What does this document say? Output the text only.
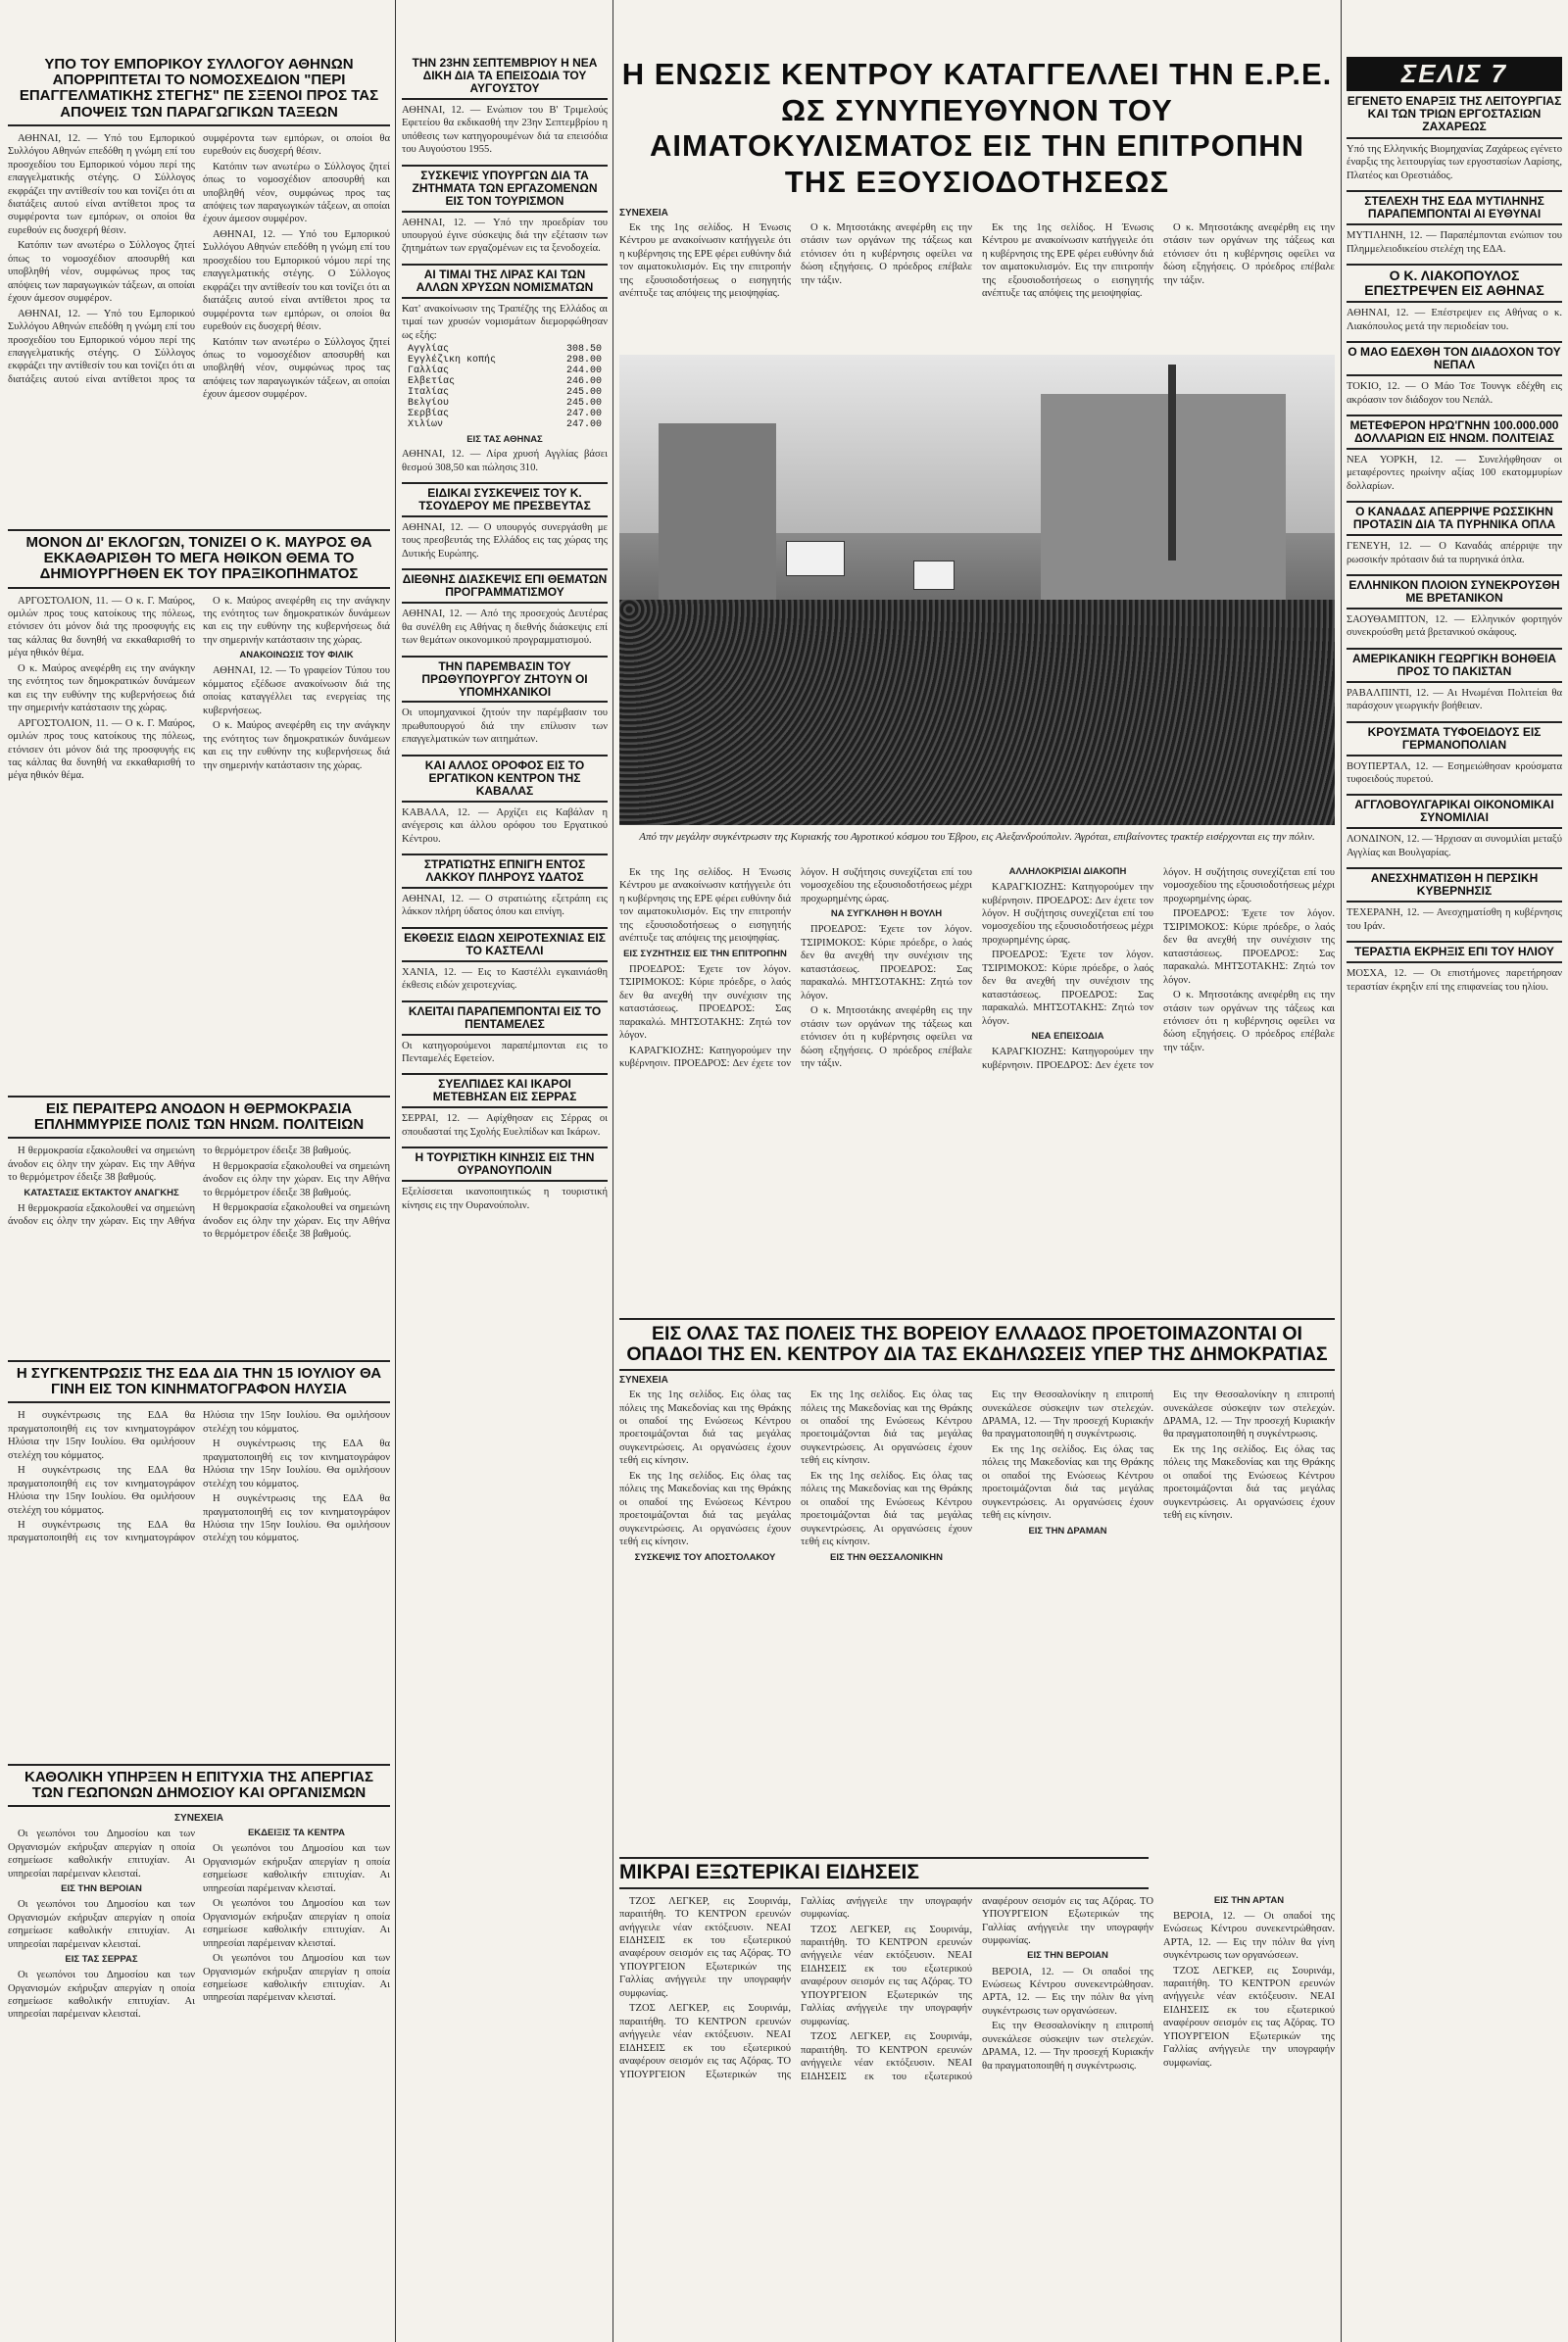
ΥΠΟ ΤΟΥ ΕΜΠΟΡΙΚΟΥ ΣΥΛΛΟΓΟΥ ΑΘΗΝΩΝ ΑΠΟΡΡΙΠΤΕΤΑΙ ΤΟ ΝΟΜΟΣΧΕΔΙΟΝ "ΠΕΡΙ ΕΠΑΓΓΕΛΜΑΤΙΚΗΣ ΣΤΕΓΗΣ" ΠΕ ΣΞΕΝΟΙ ΠΡΟΣ ΤΑΣ ΑΠΟΨΕΙΣ ΤΩΝ ΠΑΡΑΓΩΓΙΚΩΝ ΤΑΞΕΩΝ

ΑΘΗΝΑΙ, 12. — Υπό του Εμπορικού Συλλόγου Αθηνών επεδόθη η γνώμη επί του προσχεδίου του Εμπορικού νόμου περί της επαγγελματικής στέγης. Ο Σύλλογος εκφράζει την αντίθεσίν του και τονίζει ότι αι διατάξεις αυτού είναι αντίθετοι προς τα συμφέροντα των εμπόρων, οι οποίοι θα ευρεθούν εις δυσχερή θέσιν.

Κατόπιν των ανωτέρω ο Σύλλογος ζητεί όπως το νομοσχέδιον αποσυρθή και υποβληθή νέον, συμφώνως προς τας απόψεις των παραγωγικών τάξεων, αι οποίαι έχουν άμεσον συμφέρον.

ΑΘΗΝΑΙ, 12. — Υπό του Εμπορικού Συλλόγου Αθηνών επεδόθη η γνώμη επί του προσχεδίου του Εμπορικού νόμου περί της επαγγελματικής στέγης. Ο Σύλλογος εκφράζει την αντίθεσίν του και τονίζει ότι αι διατάξεις αυτού είναι αντίθετοι προς τα συμφέροντα των εμπόρων, οι οποίοι θα ευρεθούν εις δυσχερή θέσιν.

Κατόπιν των ανωτέρω ο Σύλλογος ζητεί όπως το νομοσχέδιον αποσυρθή και υποβληθή νέον, συμφώνως προς τας απόψεις των παραγωγικών τάξεων, αι οποίαι έχουν άμεσον συμφέρον.

ΑΘΗΝΑΙ, 12. — Υπό του Εμπορικού Συλλόγου Αθηνών επεδόθη η γνώμη επί του προσχεδίου του Εμπορικού νόμου περί της επαγγελματικής στέγης. Ο Σύλλογος εκφράζει την αντίθεσίν του και τονίζει ότι αι διατάξεις αυτού είναι αντίθετοι προς τα συμφέροντα των εμπόρων, οι οποίοι θα ευρεθούν εις δυσχερή θέσιν.

Κατόπιν των ανωτέρω ο Σύλλογος ζητεί όπως το νομοσχέδιον αποσυρθή και υποβληθή νέον, συμφώνως προς τας απόψεις των παραγωγικών τάξεων, αι οποίαι έχουν άμεσον συμφέρον.

ΜΟΝΟΝ ΔΙ' ΕΚΛΟΓΩΝ, ΤΟΝΙΖΕΙ Ο Κ. ΜΑΥΡΟΣ ΘΑ ΕΚΚΑΘΑΡΙΣΘΗ ΤΟ ΜΕΓΑ ΗΘΙΚΟΝ ΘΕΜΑ ΤΟ ΔΗΜΙΟΥΡΓΗΘΕΝ ΕΚ ΤΟΥ ΠΡΑΞΙΚΟΠΗΜΑΤΟΣ

ΑΡΓΟΣΤΟΛΙΟΝ, 11. — Ο κ. Γ. Μαύρος, ομιλών προς τους κατοίκους της πόλεως, ετόνισεν ότι μόνον διά της προσφυγής εις τας κάλπας θα δυνηθή να εκκαθαρισθή το μέγα ηθικόν θέμα.

Ο κ. Μαύρος ανεφέρθη εις την ανάγκην της ενότητος των δημοκρατικών δυνάμεων και εις την ευθύνην της κυβερνήσεως διά την σημερινήν κατάστασιν της χώρας.

ΑΡΓΟΣΤΟΛΙΟΝ, 11. — Ο κ. Γ. Μαύρος, ομιλών προς τους κατοίκους της πόλεως, ετόνισεν ότι μόνον διά της προσφυγής εις τας κάλπας θα δυνηθή να εκκαθαρισθή το μέγα ηθικόν θέμα.

Ο κ. Μαύρος ανεφέρθη εις την ανάγκην της ενότητος των δημοκρατικών δυνάμεων και εις την ευθύνην της κυβερνήσεως διά την σημερινήν κατάστασιν της χώρας.

ΑΝΑΚΟΙΝΩΣΙΣ ΤΟΥ ΦΙΛΙΚ

ΑΘΗΝΑΙ, 12. — Το γραφείον Τύπου του κόμματος εξέδωσε ανακοίνωσιν διά της οποίας καταγγέλλει τας ενεργείας της κυβερνήσεως.

Ο κ. Μαύρος ανεφέρθη εις την ανάγκην της ενότητος των δημοκρατικών δυνάμεων και εις την ευθύνην της κυβερνήσεως διά την σημερινήν κατάστασιν της χώρας.

ΕΙΣ ΠΕΡΑΙΤΕΡΩ ΑΝΟΔΟΝ Η ΘΕΡΜΟΚΡΑΣΙΑ ΕΠΛΗΜΜΥΡΙΣΕ ΠΟΛΙΣ ΤΩΝ ΗΝΩΜ. ΠΟΛΙΤΕΙΩΝ

Η θερμοκρασία εξακολουθεί να σημειώνη άνοδον εις όλην την χώραν. Εις την Αθήνα το θερμόμετρον έδειξε 38 βαθμούς.

ΚΑΤΑΣΤΑΣΙΣ ΕΚΤΑΚΤΟΥ ΑΝΑΓΚΗΣ

Η θερμοκρασία εξακολουθεί να σημειώνη άνοδον εις όλην την χώραν. Εις την Αθήνα το θερμόμετρον έδειξε 38 βαθμούς.

Η θερμοκρασία εξακολουθεί να σημειώνη άνοδον εις όλην την χώραν. Εις την Αθήνα το θερμόμετρον έδειξε 38 βαθμούς.

Η θερμοκρασία εξακολουθεί να σημειώνη άνοδον εις όλην την χώραν. Εις την Αθήνα το θερμόμετρον έδειξε 38 βαθμούς.

Η ΣΥΓΚΕΝΤΡΩΣΙΣ ΤΗΣ ΕΔΑ ΔΙΑ ΤΗΝ 15 ΙΟΥΛΙΟΥ ΘΑ ΓΙΝΗ ΕΙΣ ΤΟΝ ΚΙΝΗΜΑΤΟΓΡΑΦΟΝ ΗΛΥΣΙΑ

Η συγκέντρωσις της ΕΔΑ θα πραγματοποιηθή εις τον κινηματογράφον Ηλύσια την 15ην Ιουλίου. Θα ομιλήσουν στελέχη του κόμματος.

Η συγκέντρωσις της ΕΔΑ θα πραγματοποιηθή εις τον κινηματογράφον Ηλύσια την 15ην Ιουλίου. Θα ομιλήσουν στελέχη του κόμματος.

Η συγκέντρωσις της ΕΔΑ θα πραγματοποιηθή εις τον κινηματογράφον Ηλύσια την 15ην Ιουλίου. Θα ομιλήσουν στελέχη του κόμματος.

Η συγκέντρωσις της ΕΔΑ θα πραγματοποιηθή εις τον κινηματογράφον Ηλύσια την 15ην Ιουλίου. Θα ομιλήσουν στελέχη του κόμματος.

Η συγκέντρωσις της ΕΔΑ θα πραγματοποιηθή εις τον κινηματογράφον Ηλύσια την 15ην Ιουλίου. Θα ομιλήσουν στελέχη του κόμματος.

ΚΑΘΟΛΙΚΗ ΥΠΗΡΞΕΝ Η ΕΠΙΤΥΧΙΑ ΤΗΣ ΑΠΕΡΓΙΑΣ ΤΩΝ ΓΕΩΠΟΝΩΝ ΔΗΜΟΣΙΟΥ ΚΑΙ ΟΡΓΑΝΙΣΜΩΝ
ΣΥΝΕΧΕΙΑ

Οι γεωπόνοι του Δημοσίου και των Οργανισμών εκήρυξαν απεργίαν η οποία εσημείωσε καθολικήν επιτυχίαν. Αι υπηρεσίαι παρέμειναν κλεισταί.

ΕΙΣ ΤΗΝ ΒΕΡΟΙΑΝ

Οι γεωπόνοι του Δημοσίου και των Οργανισμών εκήρυξαν απεργίαν η οποία εσημείωσε καθολικήν επιτυχίαν. Αι υπηρεσίαι παρέμειναν κλεισταί.

ΕΙΣ ΤΑΣ ΣΕΡΡΑΣ

Οι γεωπόνοι του Δημοσίου και των Οργανισμών εκήρυξαν απεργίαν η οποία εσημείωσε καθολικήν επιτυχίαν. Αι υπηρεσίαι παρέμειναν κλεισταί.

ΕΚΔΕΙΞΙΣ ΤΑ ΚΕΝΤΡΑ

Οι γεωπόνοι του Δημοσίου και των Οργανισμών εκήρυξαν απεργίαν η οποία εσημείωσε καθολικήν επιτυχίαν. Αι υπηρεσίαι παρέμειναν κλεισταί.

Οι γεωπόνοι του Δημοσίου και των Οργανισμών εκήρυξαν απεργίαν η οποία εσημείωσε καθολικήν επιτυχίαν. Αι υπηρεσίαι παρέμειναν κλεισταί.

Οι γεωπόνοι του Δημοσίου και των Οργανισμών εκήρυξαν απεργίαν η οποία εσημείωσε καθολικήν επιτυχίαν. Αι υπηρεσίαι παρέμειναν κλεισταί.

ΤΗΝ 23ΗΝ ΣΕΠΤΕΜΒΡΙΟΥ Η ΝΕΑ ΔΙΚΗ ΔΙΑ ΤΑ ΕΠΕΙΣΟΔΙΑ ΤΟΥ ΑΥΓΟΥΣΤΟΥ
ΑΘΗΝΑΙ, 12. — Ενώπιον του Β' Τριμελούς Εφετείου θα εκδικασθή την 23ην Σεπτεμβρίου η υπόθεσις των κατηγορουμένων διά τα επεισόδια του Αυγούστου 1955.
ΣΥΣΚΕΨΙΣ ΥΠΟΥΡΓΩΝ ΔΙΑ ΤΑ ΖΗΤΗΜΑΤΑ ΤΩΝ ΕΡΓΑΖΟΜΕΝΩΝ ΕΙΣ ΤΟΝ ΤΟΥΡΙΣΜΟΝ
ΑΘΗΝΑΙ, 12. — Υπό την προεδρίαν του υπουργού έγινε σύσκεψις διά την εξέτασιν των ζητημάτων των εργαζομένων εις τα ξενοδοχεία.
ΑΙ ΤΙΜΑΙ ΤΗΣ ΛΙΡΑΣ ΚΑΙ ΤΩΝ ΑΛΛΩΝ ΧΡΥΣΩΝ ΝΟΜΙΣΜΑΤΩΝ
Κατ' ανακοίνωσιν της Τραπέζης της Ελλάδος αι τιμαί των χρυσών νομισμάτων διεμορφώθησαν ως εξής:
Αγγλίας	308.50
Εγγλέζικη κοπής	298.00
Γαλλίας	244.00
Ελβετίας	246.00
Ιταλίας	245.00
Βελγίου	245.00
Σερβίας	247.00
Χιλίων	247.00
ΕΙΣ ΤΑΣ ΑΘΗΝΑΣ
ΑΘΗΝΑΙ, 12. — Λίρα χρυσή Αγγλίας βάσει θεσμού 308,50 και πώλησις 310.
ΕΙΔΙΚΑΙ ΣΥΣΚΕΨΕΙΣ ΤΟΥ Κ. ΤΣΟΥΔΕΡΟΥ ΜΕ ΠΡΕΣΒΕΥΤΑΣ
ΑΘΗΝΑΙ, 12. — Ο υπουργός συνεργάσθη με τους πρεσβευτάς της Ελλάδος εις τας χώρας της Δυτικής Ευρώπης.
ΔΙΕΘΝΗΣ ΔΙΑΣΚΕΨΙΣ ΕΠΙ ΘΕΜΑΤΩΝ ΠΡΟΓΡΑΜΜΑΤΙΣΜΟΥ
ΑΘΗΝΑΙ, 12. — Από της προσεχούς Δευτέρας θα συνέλθη εις Αθήνας η διεθνής διάσκεψις επί των θεμάτων οικονομικού προγραμματισμού.
ΤΗΝ ΠΑΡΕΜΒΑΣΙΝ ΤΟΥ ΠΡΩΘΥΠΟΥΡΓΟΥ ΖΗΤΟΥΝ ΟΙ ΥΠΟΜΗΧΑΝΙΚΟΙ
Οι υπομηχανικοί ζητούν την παρέμβασιν του πρωθυπουργού διά την επίλυσιν των επαγγελματικών των αιτημάτων.
ΚΑΙ ΑΛΛΟΣ ΟΡΟΦΟΣ ΕΙΣ ΤΟ ΕΡΓΑΤΙΚΟΝ ΚΕΝΤΡΟΝ ΤΗΣ ΚΑΒΑΛΑΣ
ΚΑΒΑΛΑ, 12. — Αρχίζει εις Καβάλαν η ανέγερσις και άλλου ορόφου του Εργατικού Κέντρου.
ΣΤΡΑΤΙΩΤΗΣ ΕΠΝΙΓΗ ΕΝΤΟΣ ΛΑΚΚΟΥ ΠΛΗΡΟΥΣ ΥΔΑΤΟΣ
ΑΘΗΝΑΙ, 12. — Ο στρατιώτης εξετράπη εις λάκκον πλήρη ύδατος όπου και επνίγη.
ΕΚΘΕΣΙΣ ΕΙΔΩΝ ΧΕΙΡΟΤΕΧΝΙΑΣ ΕΙΣ ΤΟ ΚΑΣΤΕΛΛΙ
ΧΑΝΙΑ, 12. — Εις το Καστέλλι εγκαινιάσθη έκθεσις ειδών χειροτεχνίας.
ΚΛΕΙΤΑΙ ΠΑΡΑΠΕΜΠΟΝΤΑΙ ΕΙΣ ΤΟ ΠΕΝΤΑΜΕΛΕΣ
Οι κατηγορούμενοι παραπέμπονται εις το Πενταμελές Εφετείον.
ΣΥΕΛΠΙΔΕΣ ΚΑΙ ΙΚΑΡΟΙ ΜΕΤΕΒΗΣΑΝ ΕΙΣ ΣΕΡΡΑΣ
ΣΕΡΡΑΙ, 12. — Αφίχθησαν εις Σέρρας οι σπουδασταί της Σχολής Ευελπίδων και Ικάρων.
Η ΤΟΥΡΙΣΤΙΚΗ ΚΙΝΗΣΙΣ ΕΙΣ ΤΗΝ ΟΥΡΑΝΟΥΠΟΛΙΝ
Εξελίσσεται ικανοποιητικώς η τουριστική κίνησις εις την Ουρανούπολιν.
Η ΕΝΩΣΙΣ ΚΕΝΤΡΟΥ ΚΑΤΑΓΓΕΛΛΕΙ ΤΗΝ Ε.Ρ.Ε. ΩΣ ΣΥΝΥΠΕΥΘΥΝΟΝ ΤΟΥ ΑΙΜΑΤΟΚΥΛΙΣΜΑΤΟΣ ΕΙΣ ΤΗΝ ΕΠΙΤΡΟΠΗΝ ΤΗΣ ΕΞΟΥΣΙΟΔΟΤΗΣΕΩΣ
ΣΥΝΕΧΕΙΑ

Εκ της 1ης σελίδος. Η Ένωσις Κέντρου με ανακοίνωσιν κατήγγειλε ότι η κυβέρνησις της ΕΡΕ φέρει ευθύνην διά τον αιματοκυλισμόν. Εις την επιτροπήν της εξουσιοδοτήσεως ο εισηγητής ανέπτυξε τας απόψεις της μειοψηφίας.

Ο κ. Μητσοτάκης ανεφέρθη εις την στάσιν των οργάνων της τάξεως και ετόνισεν ότι η κυβέρνησις οφείλει να δώση εξηγήσεις. Ο πρόεδρος επέβαλε την τάξιν.

Εκ της 1ης σελίδος. Η Ένωσις Κέντρου με ανακοίνωσιν κατήγγειλε ότι η κυβέρνησις της ΕΡΕ φέρει ευθύνην διά τον αιματοκυλισμόν. Εις την επιτροπήν της εξουσιοδοτήσεως ο εισηγητής ανέπτυξε τας απόψεις της μειοψηφίας.

Ο κ. Μητσοτάκης ανεφέρθη εις την στάσιν των οργάνων της τάξεως και ετόνισεν ότι η κυβέρνησις οφείλει να δώση εξηγήσεις. Ο πρόεδρος επέβαλε την τάξιν.

Από την μεγάλην συγκέντρωσιν της Κυριακής του Αγροτικού κόσμου του Έβρου, εις Αλεξανδρούπολιν. Άγρόται, επιβαίνοντες τρακτέρ εισέρχονται εις την πόλιν.

Εκ της 1ης σελίδος. Η Ένωσις Κέντρου με ανακοίνωσιν κατήγγειλε ότι η κυβέρνησις της ΕΡΕ φέρει ευθύνην διά τον αιματοκυλισμόν. Εις την επιτροπήν της εξουσιοδοτήσεως ο εισηγητής ανέπτυξε τας απόψεις της μειοψηφίας.

ΕΙΣ ΣΥΖΗΤΗΣΙΣ ΕΙΣ ΤΗΝ ΕΠΙΤΡΟΠΗΝ

ΠΡΟΕΔΡΟΣ: Έχετε τον λόγον. ΤΣΙΡΙΜΟΚΟΣ: Κύριε πρόεδρε, ο λαός δεν θα ανεχθή την συνέχισιν της καταστάσεως. ΠΡΟΕΔΡΟΣ: Σας παρακαλώ. ΜΗΤΣΟΤΑΚΗΣ: Ζητώ τον λόγον.

ΚΑΡΑΓΚΙΟΖΗΣ: Κατηγορούμεν την κυβέρνησιν. ΠΡΟΕΔΡΟΣ: Δεν έχετε τον λόγον. Η συζήτησις συνεχίζεται επί του νομοσχεδίου της εξουσιοδοτήσεως μέχρι προχωρημένης ώρας.

ΝΑ ΣΥΓΚΛΗΘΗ Η ΒΟΥΛΗ

ΠΡΟΕΔΡΟΣ: Έχετε τον λόγον. ΤΣΙΡΙΜΟΚΟΣ: Κύριε πρόεδρε, ο λαός δεν θα ανεχθή την συνέχισιν της καταστάσεως. ΠΡΟΕΔΡΟΣ: Σας παρακαλώ. ΜΗΤΣΟΤΑΚΗΣ: Ζητώ τον λόγον.

Ο κ. Μητσοτάκης ανεφέρθη εις την στάσιν των οργάνων της τάξεως και ετόνισεν ότι η κυβέρνησις οφείλει να δώση εξηγήσεις. Ο πρόεδρος επέβαλε την τάξιν.

ΑΛΛΗΛΟΚΡΙΣΙΑΙ ΔΙΑΚΟΠΗ

ΚΑΡΑΓΚΙΟΖΗΣ: Κατηγορούμεν την κυβέρνησιν. ΠΡΟΕΔΡΟΣ: Δεν έχετε τον λόγον. Η συζήτησις συνεχίζεται επί του νομοσχεδίου της εξουσιοδοτήσεως μέχρι προχωρημένης ώρας.

ΠΡΟΕΔΡΟΣ: Έχετε τον λόγον. ΤΣΙΡΙΜΟΚΟΣ: Κύριε πρόεδρε, ο λαός δεν θα ανεχθή την συνέχισιν της καταστάσεως. ΠΡΟΕΔΡΟΣ: Σας παρακαλώ. ΜΗΤΣΟΤΑΚΗΣ: Ζητώ τον λόγον.

ΝΕΑ ΕΠΕΙΣΟΔΙΑ

ΚΑΡΑΓΚΙΟΖΗΣ: Κατηγορούμεν την κυβέρνησιν. ΠΡΟΕΔΡΟΣ: Δεν έχετε τον λόγον. Η συζήτησις συνεχίζεται επί του νομοσχεδίου της εξουσιοδοτήσεως μέχρι προχωρημένης ώρας.

ΠΡΟΕΔΡΟΣ: Έχετε τον λόγον. ΤΣΙΡΙΜΟΚΟΣ: Κύριε πρόεδρε, ο λαός δεν θα ανεχθή την συνέχισιν της καταστάσεως. ΠΡΟΕΔΡΟΣ: Σας παρακαλώ. ΜΗΤΣΟΤΑΚΗΣ: Ζητώ τον λόγον.

Ο κ. Μητσοτάκης ανεφέρθη εις την στάσιν των οργάνων της τάξεως και ετόνισεν ότι η κυβέρνησις οφείλει να δώση εξηγήσεις. Ο πρόεδρος επέβαλε την τάξιν.

ΕΙΣ ΟΛΑΣ ΤΑΣ ΠΟΛΕΙΣ ΤΗΣ ΒΟΡΕΙΟΥ ΕΛΛΑΔΟΣ ΠΡΟΕΤΟΙΜΑΖΟΝΤΑΙ ΟΙ ΟΠΑΔΟΙ ΤΗΣ ΕΝ. ΚΕΝΤΡΟΥ ΔΙΑ ΤΑΣ ΕΚΔΗΛΩΣΕΙΣ ΥΠΕΡ ΤΗΣ ΔΗΜΟΚΡΑΤΙΑΣ
ΣΥΝΕΧΕΙΑ

Εκ της 1ης σελίδος. Εις όλας τας πόλεις της Μακεδονίας και της Θράκης οι οπαδοί της Ενώσεως Κέντρου προετοιμάζονται διά τας μεγάλας συγκεντρώσεις. Αι οργανώσεις έχουν τεθή εις κίνησιν.

Εκ της 1ης σελίδος. Εις όλας τας πόλεις της Μακεδονίας και της Θράκης οι οπαδοί της Ενώσεως Κέντρου προετοιμάζονται διά τας μεγάλας συγκεντρώσεις. Αι οργανώσεις έχουν τεθή εις κίνησιν.

ΣΥΣΚΕΨΙΣ ΤΟΥ ΑΠΟΣΤΟΛΑΚΟΥ

Εκ της 1ης σελίδος. Εις όλας τας πόλεις της Μακεδονίας και της Θράκης οι οπαδοί της Ενώσεως Κέντρου προετοιμάζονται διά τας μεγάλας συγκεντρώσεις. Αι οργανώσεις έχουν τεθή εις κίνησιν.

Εκ της 1ης σελίδος. Εις όλας τας πόλεις της Μακεδονίας και της Θράκης οι οπαδοί της Ενώσεως Κέντρου προετοιμάζονται διά τας μεγάλας συγκεντρώσεις. Αι οργανώσεις έχουν τεθή εις κίνησιν.

ΕΙΣ ΤΗΝ ΘΕΣΣΑΛΟΝΙΚΗΝ

Εις την Θεσσαλονίκην η επιτροπή συνεκάλεσε σύσκεψιν των στελεχών. ΔΡΑΜΑ, 12. — Την προσεχή Κυριακήν θα πραγματοποιηθή η συγκέντρωσις.

Εκ της 1ης σελίδος. Εις όλας τας πόλεις της Μακεδονίας και της Θράκης οι οπαδοί της Ενώσεως Κέντρου προετοιμάζονται διά τας μεγάλας συγκεντρώσεις. Αι οργανώσεις έχουν τεθή εις κίνησιν.

ΕΙΣ ΤΗΝ ΔΡΑΜΑΝ

Εις την Θεσσαλονίκην η επιτροπή συνεκάλεσε σύσκεψιν των στελεχών. ΔΡΑΜΑ, 12. — Την προσεχή Κυριακήν θα πραγματοποιηθή η συγκέντρωσις.

Εκ της 1ης σελίδος. Εις όλας τας πόλεις της Μακεδονίας και της Θράκης οι οπαδοί της Ενώσεως Κέντρου προετοιμάζονται διά τας μεγάλας συγκεντρώσεις. Αι οργανώσεις έχουν τεθή εις κίνησιν.

ΜΙΚΡΑΙ ΕΞΩΤΕΡΙΚΑΙ ΕΙΔΗΣΕΙΣ

ΤΖΟΣ ΛΕΓΚΕΡ, εις Σουρινάμ, παραιτήθη. ΤΟ ΚΕΝΤΡΟΝ ερευνών ανήγγειλε νέαν εκτόξευσιν. ΝΕΑΙ ΕΙΔΗΣΕΙΣ εκ του εξωτερικού αναφέρουν σεισμόν εις τας Αζόρας. ΤΟ ΥΠΟΥΡΓΕΙΟΝ Εξωτερικών της Γαλλίας ανήγγειλε την υπογραφήν συμφωνίας.

ΤΖΟΣ ΛΕΓΚΕΡ, εις Σουρινάμ, παραιτήθη. ΤΟ ΚΕΝΤΡΟΝ ερευνών ανήγγειλε νέαν εκτόξευσιν. ΝΕΑΙ ΕΙΔΗΣΕΙΣ εκ του εξωτερικού αναφέρουν σεισμόν εις τας Αζόρας. ΤΟ ΥΠΟΥΡΓΕΙΟΝ Εξωτερικών της Γαλλίας ανήγγειλε την υπογραφήν συμφωνίας.

ΤΖΟΣ ΛΕΓΚΕΡ, εις Σουρινάμ, παραιτήθη. ΤΟ ΚΕΝΤΡΟΝ ερευνών ανήγγειλε νέαν εκτόξευσιν. ΝΕΑΙ ΕΙΔΗΣΕΙΣ εκ του εξωτερικού αναφέρουν σεισμόν εις τας Αζόρας. ΤΟ ΥΠΟΥΡΓΕΙΟΝ Εξωτερικών της Γαλλίας ανήγγειλε την υπογραφήν συμφωνίας.

ΤΖΟΣ ΛΕΓΚΕΡ, εις Σουρινάμ, παραιτήθη. ΤΟ ΚΕΝΤΡΟΝ ερευνών ανήγγειλε νέαν εκτόξευσιν. ΝΕΑΙ ΕΙΔΗΣΕΙΣ εκ του εξωτερικού αναφέρουν σεισμόν εις τας Αζόρας. ΤΟ ΥΠΟΥΡΓΕΙΟΝ Εξωτερικών της Γαλλίας ανήγγειλε την υπογραφήν συμφωνίας.

ΕΙΣ ΤΗΝ ΒΕΡΟΙΑΝ

ΒΕΡΟΙΑ, 12. — Οι οπαδοί της Ενώσεως Κέντρου συνεκεντρώθησαν. ΑΡΤΑ, 12. — Εις την πόλιν θα γίνη συγκέντρωσις των οργανώσεων.

Εις την Θεσσαλονίκην η επιτροπή συνεκάλεσε σύσκεψιν των στελεχών. ΔΡΑΜΑ, 12. — Την προσεχή Κυριακήν θα πραγματοποιηθή η συγκέντρωσις.

ΕΙΣ ΤΗΝ ΑΡΤΑΝ

ΒΕΡΟΙΑ, 12. — Οι οπαδοί της Ενώσεως Κέντρου συνεκεντρώθησαν. ΑΡΤΑ, 12. — Εις την πόλιν θα γίνη συγκέντρωσις των οργανώσεων.

ΤΖΟΣ ΛΕΓΚΕΡ, εις Σουρινάμ, παραιτήθη. ΤΟ ΚΕΝΤΡΟΝ ερευνών ανήγγειλε νέαν εκτόξευσιν. ΝΕΑΙ ΕΙΔΗΣΕΙΣ εκ του εξωτερικού αναφέρουν σεισμόν εις τας Αζόρας. ΤΟ ΥΠΟΥΡΓΕΙΟΝ Εξωτερικών της Γαλλίας ανήγγειλε την υπογραφήν συμφωνίας.

ΣΕΛΙΣ 7
ΕΓΕΝΕΤΟ ΕΝΑΡΞΙΣ ΤΗΣ ΛΕΙΤΟΥΡΓΙΑΣ ΚΑΙ ΤΩΝ ΤΡΙΩΝ ΕΡΓΟΣΤΑΣΙΩΝ ΖΑΧΑΡΕΩΣ
Υπό της Ελληνικής Βιομηχανίας Ζαχάρεως εγένετο έναρξις της λειτουργίας των εργοστασίων Λαρίσης, Πλατέος και Ορεστιάδος.
ΣΤΕΛΕΧΗ ΤΗΣ ΕΔΑ ΜΥΤΙΛΗΝΗΣ ΠΑΡΑΠΕΜΠΟΝΤΑΙ ΑΙ ΕΥΘΥΝΑΙ
ΜΥΤΙΛΗΝΗ, 12. — Παραπέμπονται ενώπιον του Πλημμελειοδικείου στελέχη της ΕΔΑ.
Ο Κ. ΛΙΑΚΟΠΟΥΛΟΣ ΕΠΕΣΤΡΕΨΕΝ ΕΙΣ ΑΘΗΝΑΣ
ΑΘΗΝΑΙ, 12. — Επέστρεψεν εις Αθήνας ο κ. Λιακόπουλος μετά την περιοδείαν του.
Ο ΜΑΟ ΕΔΕΧΘΗ ΤΟΝ ΔΙΑΔΟΧΟΝ ΤΟΥ ΝΕΠΑΛ
ΤΟΚΙΟ, 12. — Ο Μάο Τσε Τουνγκ εδέχθη εις ακρόασιν τον διάδοχον του Νεπάλ.
ΜΕΤΕΦΕΡΟΝ ΗΡΩ'ΓΝΗΝ 100.000.000 ΔΟΛΛΑΡΙΩΝ ΕΙΣ ΗΝΩΜ. ΠΟΛΙΤΕΙΑΣ
ΝΕΑ ΥΟΡΚΗ, 12. — Συνελήφθησαν οι μεταφέροντες ηρωίνην αξίας 100 εκατομμυρίων δολλαρίων.
Ο ΚΑΝΑΔΑΣ ΑΠΕΡΡΙΨΕ ΡΩΣΣΙΚΗΝ ΠΡΟΤΑΣΙΝ ΔΙΑ ΤΑ ΠΥΡΗΝΙΚΑ ΟΠΛΑ
ΓΕΝΕΥΗ, 12. — Ο Καναδάς απέρριψε την ρωσσικήν πρότασιν διά τα πυρηνικά όπλα.
ΕΛΛΗΝΙΚΟΝ ΠΛΟΙΟΝ ΣΥΝΕΚΡΟΥΣΘΗ ΜΕ ΒΡΕΤΑΝΙΚΟΝ
ΣΑΟΥΘΑΜΠΤΟΝ, 12. — Ελληνικόν φορτηγόν συνεκρούσθη μετά βρετανικού σκάφους.
ΑΜΕΡΙΚΑΝΙΚΗ ΓΕΩΡΓΙΚΗ ΒΟΗΘΕΙΑ ΠΡΟΣ ΤΟ ΠΑΚΙΣΤΑΝ
ΡΑΒΑΛΠΙΝΤΙ, 12. — Αι Ηνωμέναι Πολιτείαι θα παράσχουν γεωργικήν βοήθειαν.
ΚΡΟΥΣΜΑΤΑ ΤΥΦΟΕΙΔΟΥΣ ΕΙΣ ΓΕΡΜΑΝΟΠΟΛΙΑΝ
ΒΟΥΠΕΡΤΑΛ, 12. — Εσημειώθησαν κρούσματα τυφοειδούς πυρετού.
ΑΓΓΛΟΒΟΥΛΓΑΡΙΚΑΙ ΟΙΚΟΝΟΜΙΚΑΙ ΣΥΝΟΜΙΛΙΑΙ
ΛΟΝΔΙΝΟΝ, 12. — Ήρχισαν αι συνομιλίαι μεταξύ Αγγλίας και Βουλγαρίας.
ΑΝΕΣΧΗΜΑΤΙΣΘΗ Η ΠΕΡΣΙΚΗ ΚΥΒΕΡΝΗΣΙΣ
ΤΕΧΕΡΑΝΗ, 12. — Ανεσχηματίσθη η κυβέρνησις του Ιράν.
ΤΕΡΑΣΤΙΑ ΕΚΡΗΞΙΣ ΕΠΙ ΤΟΥ ΗΛΙΟΥ
ΜΟΣΧΑ, 12. — Οι επιστήμονες παρετήρησαν τεραστίαν έκρηξιν επί της επιφανείας του ηλίου.
